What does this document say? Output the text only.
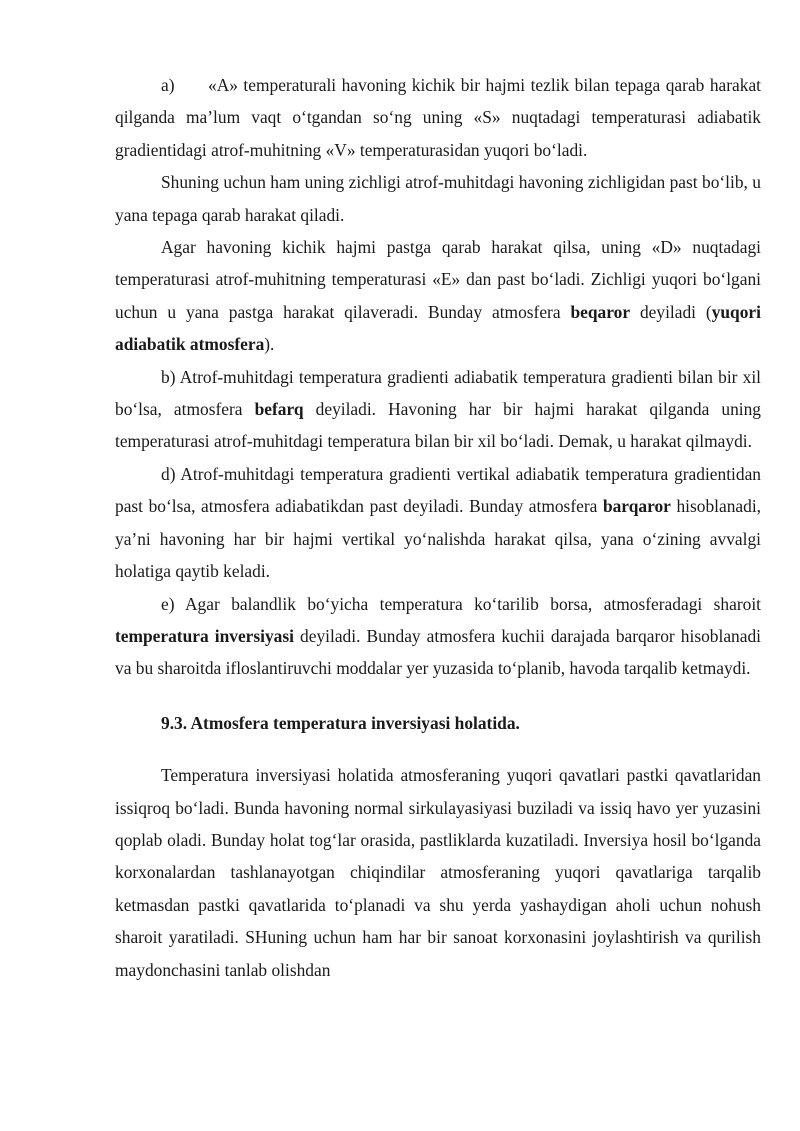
a) «A» temperaturali havoning kichik bir hajmi tezlik bilan tepaga qarab harakat qilganda ma’lum vaqt o‘tgandan so‘ng uning «S» nuqtadagi temperaturasi adiabatik gradientidagi atrof-muhitning «V» temperaturasidan yuqori bo‘ladi.

Shuning uchun ham uning zichligi atrof-muhitdagi havoning zichligidan past bo‘lib, u yana tepaga qarab harakat qiladi.

Agar havoning kichik hajmi pastga qarab harakat qilsa, uning «D» nuqtadagi temperaturasi atrof-muhitning temperaturasi «E» dan past bo‘ladi. Zichligi yuqori bo‘lgani uchun u yana pastga harakat qilaveradi. Bunday atmosfera beqaror deyiladi (yuqori adiabatik atmosfera).

b) Atrof-muhitdagi temperatura gradienti adiabatik temperatura gradienti bilan bir xil bo‘lsa, atmosfera befarq deyiladi. Havoning har bir hajmi harakat qilganda uning temperaturasi atrof-muhitdagi temperatura bilan bir xil bo‘ladi. Demak, u harakat qilmaydi.

d) Atrof-muhitdagi temperatura gradienti vertikal adiabatik temperatura gradientidan past bo‘lsa, atmosfera adiabatikdan past deyiladi. Bunday atmosfera barqaror hisoblanadi, ya’ni havoning har bir hajmi vertikal yo‘nalishda harakat qilsa, yana o‘zining avvalgi holatiga qaytib keladi.

e) Agar balandlik bo‘yicha temperatura ko‘tarilib borsa, atmosferadagi sharoit temperatura inversiyasi deyiladi. Bunday atmosfera kuchii darajada barqaror hisoblanadi va bu sharoitda ifloslantiruvchi moddalar yer yuzasida to‘planib, havoda tarqalib ketmaydi.

9.3. Atmosfera temperatura inversiyasi holatida.

Temperatura inversiyasi holatida atmosferaning yuqori qavatlari pastki qavatlaridan issiqroq bo‘ladi. Bunda havoning normal sirkulayasiyasi buziladi va issiq havo yer yuzasini qoplab oladi. Bunday holat tog‘lar orasida, pastliklarda kuzatiladi. Inversiya hosil bo‘lganda korxonalardan tashlanayotgan chiqindilar atmosferaning yuqori qavatlariga tarqalib ketmasdan pastki qavatlarida to‘planadi va shu yerda yashaydigan aholi uchun nohush sharoit yaratiladi. SHuning uchun ham har bir sanoat korxonasini joylashtirish va qurilish maydonchasini tanlab olishdan
